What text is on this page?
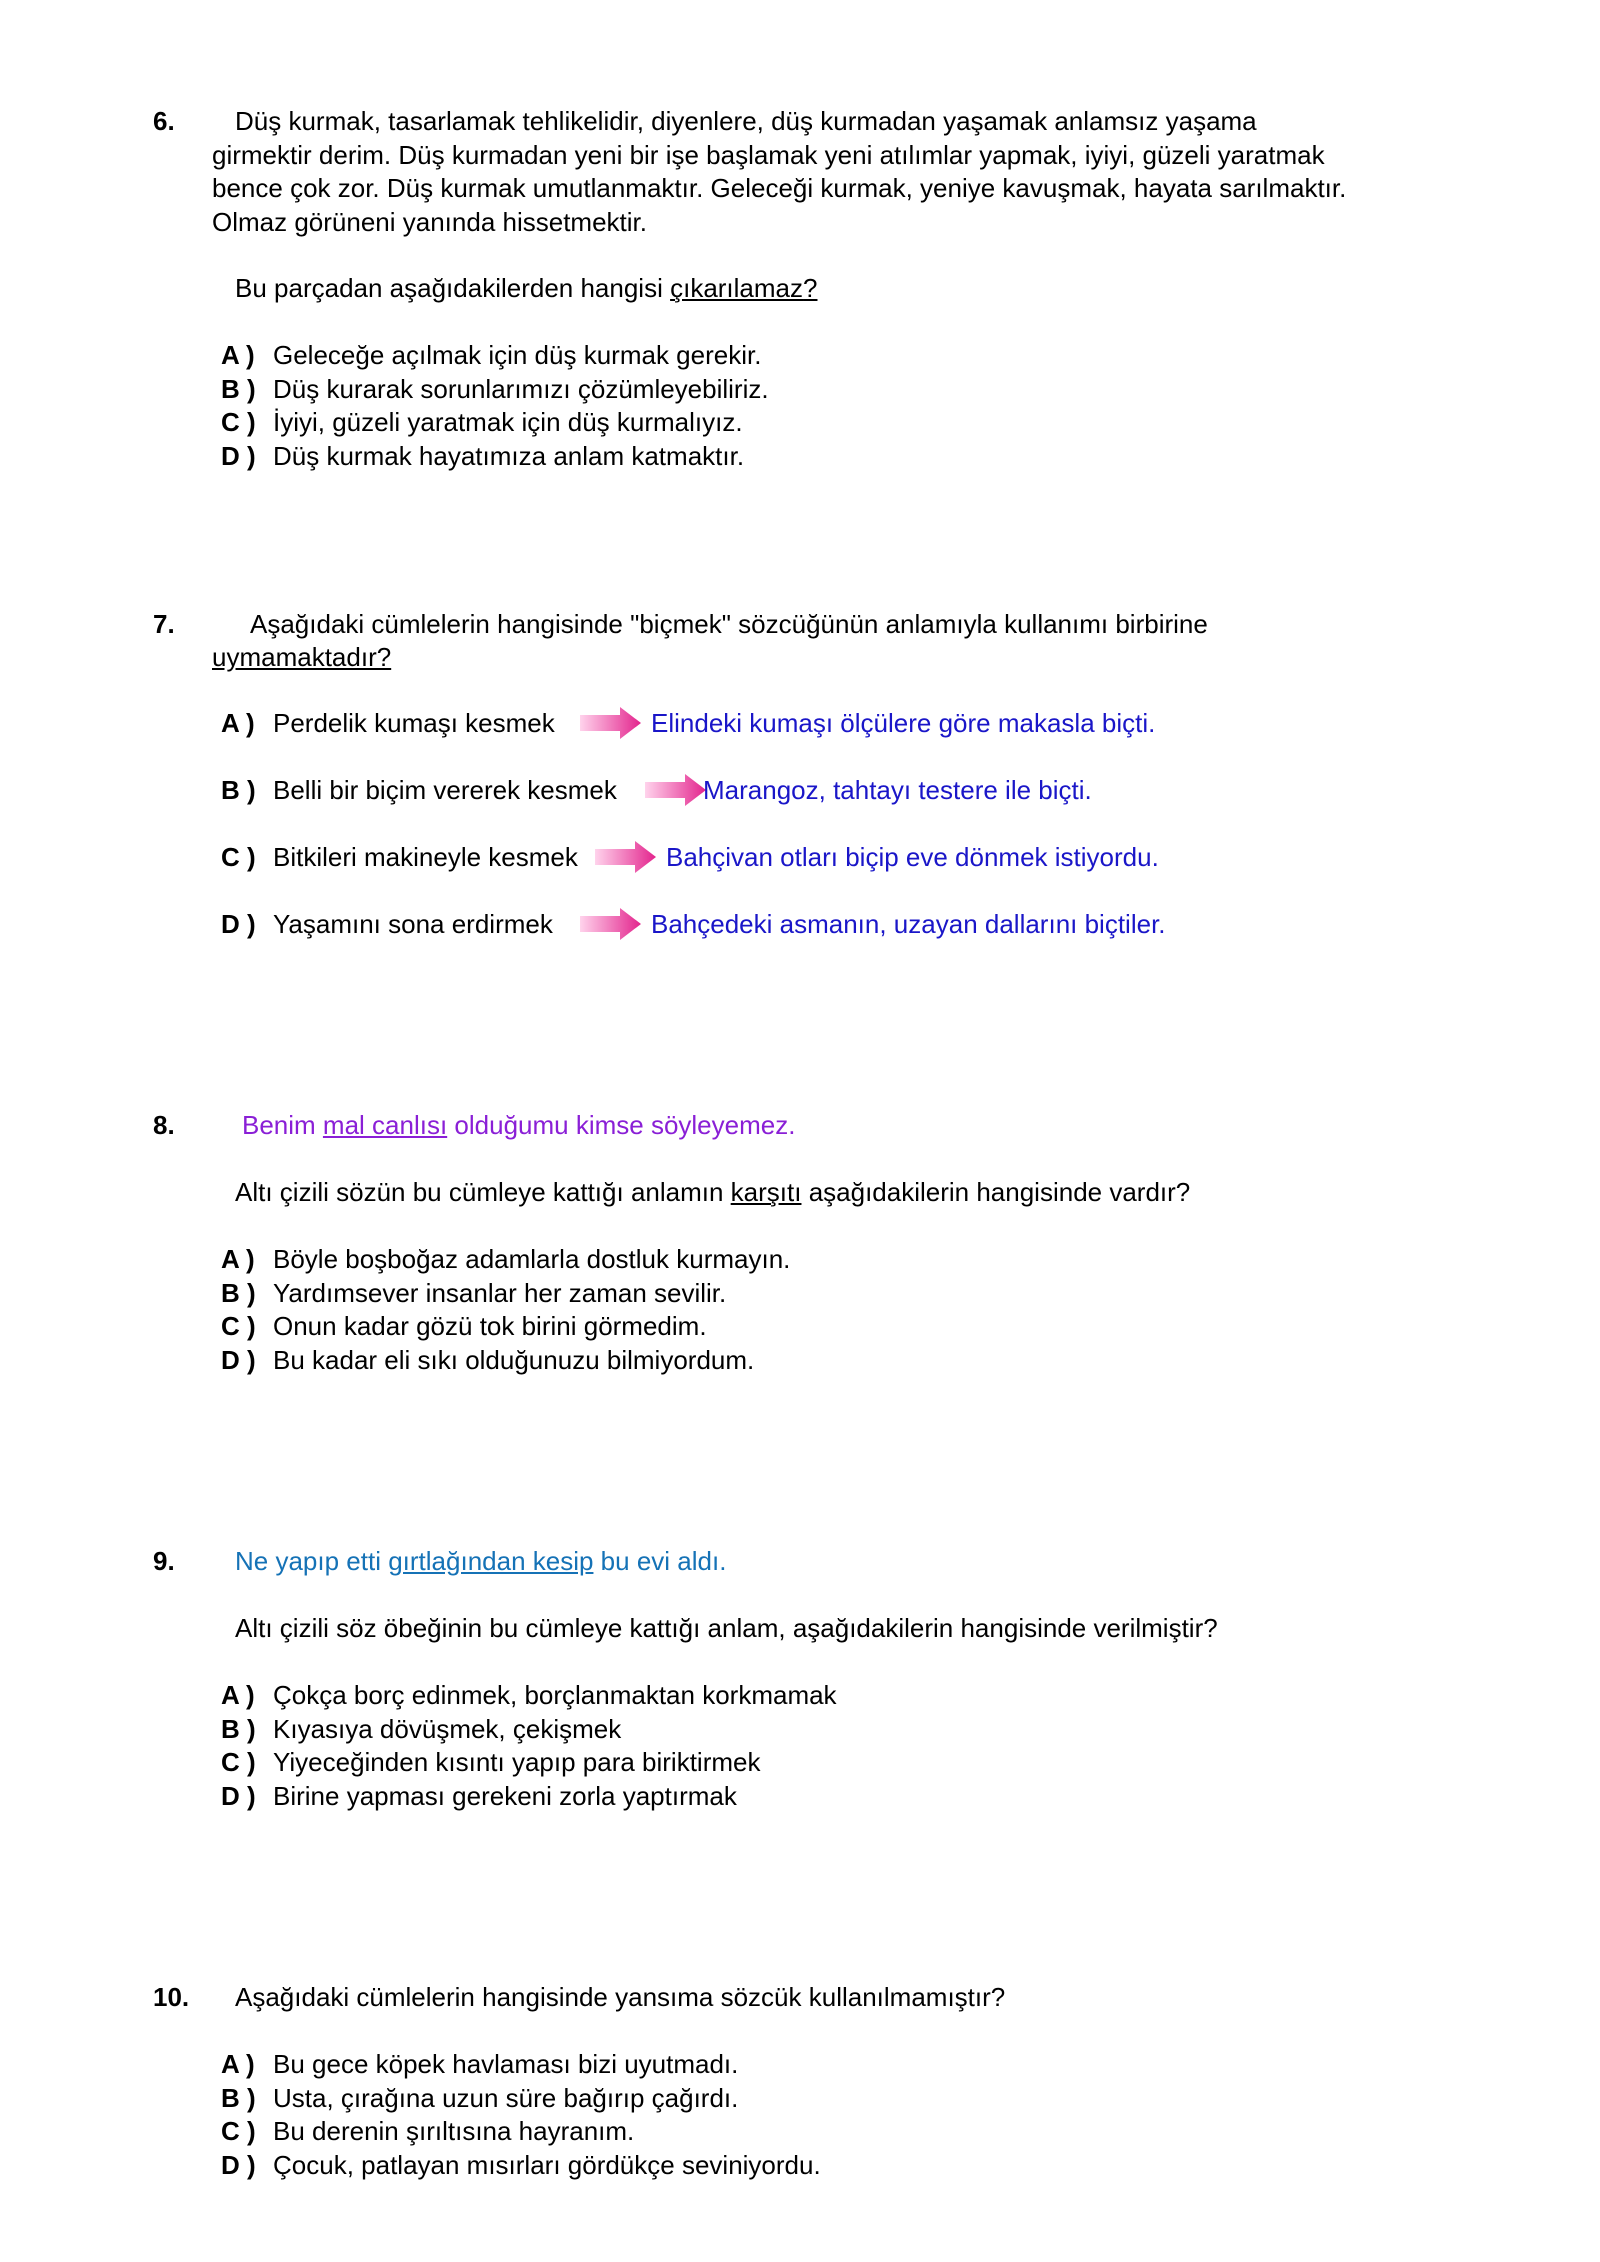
6. Düş kurmak, tasarlamak tehlikelidir, diyenlere, düş kurmadan yaşamak anlamsız yaşama
girmektir derim. Düş kurmadan yeni bir işe başlamak yeni atılımlar yapmak, iyiyi, güzeli yaratmak
bence çok zor. Düş kurmak umutlanmaktır. Geleceği kurmak, yeniye kavuşmak, hayata sarılmaktır.
Olmaz görüneni yanında hissetmektir.
Bu parçadan aşağıdakilerden hangisi çıkarılamaz?
A ) Geleceğe açılmak için düş kurmak gerekir.
B ) Düş kurarak sorunlarımızı çözümleyebiliriz.
C ) İyiyi, güzeli yaratmak için düş kurmalıyız.
D ) Düş kurmak hayatımıza anlam katmaktır.
7.	Aşağıdaki cümlelerin hangisinde "biçmek" sözcüğünün anlamıyla kullanımı birbirine
uymamaktadır?
A ) Perdelik kumaşı kesmek	Elindeki kumaşı ölçülere göre makasla biçti.
B ) Belli bir biçim vererek kesmek	Marangoz, tahtayı testere ile biçti.
C ) Bitkileri makineyle kesmek	Bahçivan otları biçip eve dönmek istiyordu.
D ) Yaşamını sona erdirmek	Bahçedeki asmanın, uzayan dallarını biçtiler.
8.	Benim mal canlısı olduğumu kimse söyleyemez.
Altı çizili sözün bu cümleye kattığı anlamın karşıtı aşağıdakilerin hangisinde vardır?
A ) Böyle boşboğaz adamlarla dostluk kurmayın.
B ) Yardımsever insanlar her zaman sevilir.
C ) Onun kadar gözü tok birini görmedim.
D ) Bu kadar eli sıkı olduğunuzu bilmiyordum.
9. Ne yapıp etti gırtlağından kesip bu evi aldı.
Altı çizili söz öbeğinin bu cümleye kattığı anlam, aşağıdakilerin hangisinde verilmiştir?
A ) Çokça borç edinmek, borçlanmaktan korkmamak
B ) Kıyasıya dövüşmek, çekişmek
C ) Yiyeceğinden kısıntı yapıp para biriktirmek
D ) Birine yapması gerekeni zorla yaptırmak
10. Aşağıdaki cümlelerin hangisinde yansıma sözcük kullanılmamıştır?
A ) Bu gece köpek havlaması bizi uyutmadı.
B ) Usta, çırağına uzun süre bağırıp çağırdı.
C ) Bu derenin şırıltısına hayranım.
D ) Çocuk, patlayan mısırları gördükçe seviniyordu.
